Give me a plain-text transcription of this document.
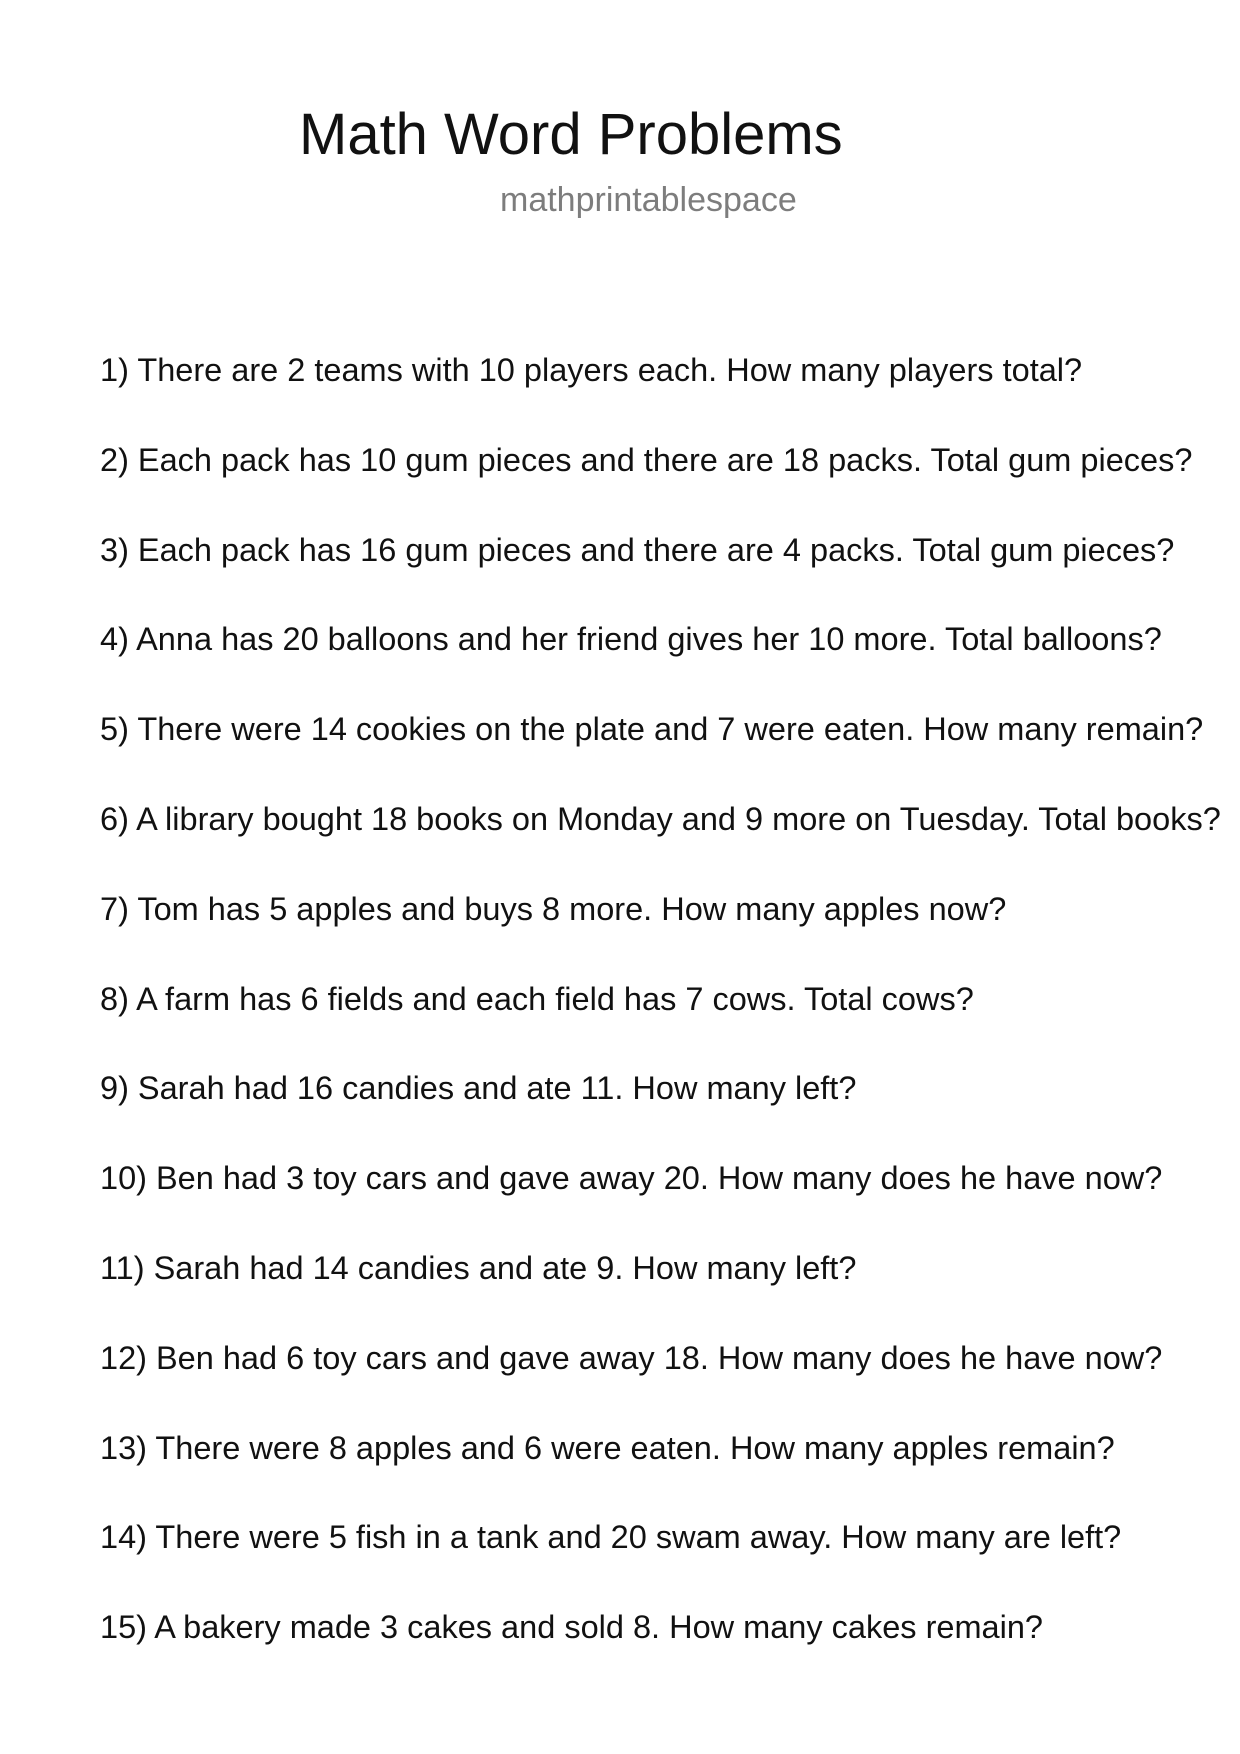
Math Word Problems
mathprintablespace
1) There are 2 teams with 10 players each. How many players total?
2) Each pack has 10 gum pieces and there are 18 packs. Total gum pieces?
3) Each pack has 16 gum pieces and there are 4 packs. Total gum pieces?
4) Anna has 20 balloons and her friend gives her 10 more. Total balloons?
5) There were 14 cookies on the plate and 7 were eaten. How many remain?
6) A library bought 18 books on Monday and 9 more on Tuesday. Total books?
7) Tom has 5 apples and buys 8 more. How many apples now?
8) A farm has 6 fields and each field has 7 cows. Total cows?
9) Sarah had 16 candies and ate 11. How many left?
10) Ben had 3 toy cars and gave away 20. How many does he have now?
11) Sarah had 14 candies and ate 9. How many left?
12) Ben had 6 toy cars and gave away 18. How many does he have now?
13) There were 8 apples and 6 were eaten. How many apples remain?
14) There were 5 fish in a tank and 20 swam away. How many are left?
15) A bakery made 3 cakes and sold 8. How many cakes remain?
